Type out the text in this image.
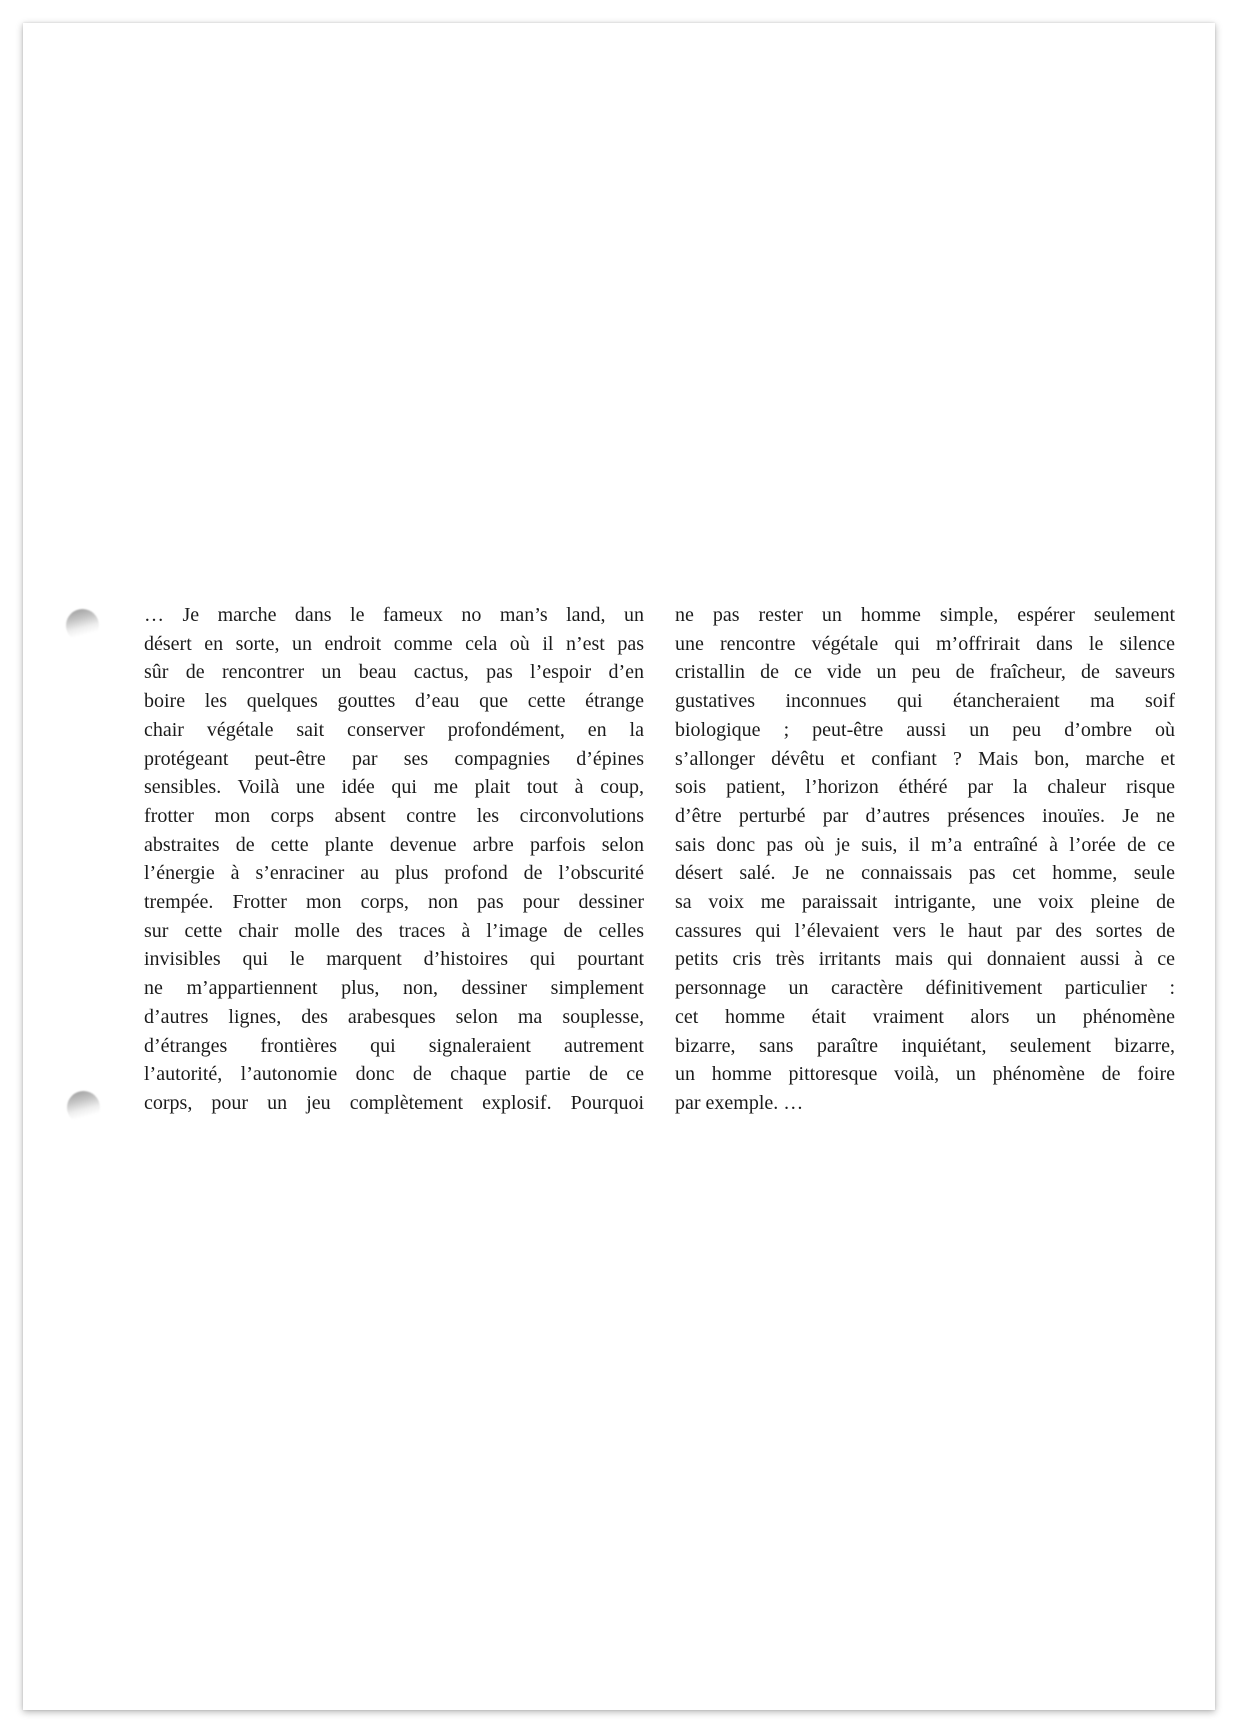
… Je marche dans le fameux no man’s land, un
désert en sorte, un endroit comme cela où il n’est pas
sûr de rencontrer un beau cactus, pas l’espoir d’en
boire les quelques gouttes d’eau que cette étrange
chair végétale sait conserver profondément, en la
protégeant peut-être par ses compagnies d’épines
sensibles. Voilà une idée qui me plait tout à coup,
frotter mon corps absent contre les circonvolutions
abstraites de cette plante devenue arbre parfois selon
l’énergie à s’enraciner au plus profond de l’obscurité
trempée. Frotter mon corps, non pas pour dessiner
sur cette chair molle des traces à l’image de celles
invisibles qui le marquent d’histoires qui pourtant
ne m’appartiennent plus, non, dessiner simplement
d’autres lignes, des arabesques selon ma souplesse,
d’étranges frontières qui signaleraient autrement
l’autorité, l’autonomie donc de chaque partie de ce
corps, pour un jeu complètement explosif. Pourquoi
ne pas rester un homme simple, espérer seulement
une rencontre végétale qui m’offrirait dans le silence
cristallin de ce vide un peu de fraîcheur, de saveurs
gustatives inconnues qui étancheraient ma soif
biologique ; peut-être aussi un peu d’ombre où
s’allonger dévêtu et confiant ? Mais bon, marche et
sois patient, l’horizon éthéré par la chaleur risque
d’être perturbé par d’autres présences inouïes. Je ne
sais donc pas où je suis, il m’a entraîné à l’orée de ce
désert salé. Je ne connaissais pas cet homme, seule
sa voix me paraissait intrigante, une voix pleine de
cassures qui l’élevaient vers le haut par des sortes de
petits cris très irritants mais qui donnaient aussi à ce
personnage un caractère définitivement particulier :
cet homme était vraiment alors un phénomène
bizarre, sans paraître inquiétant, seulement bizarre,
un homme pittoresque voilà, un phénomène de foire
par exemple. …
